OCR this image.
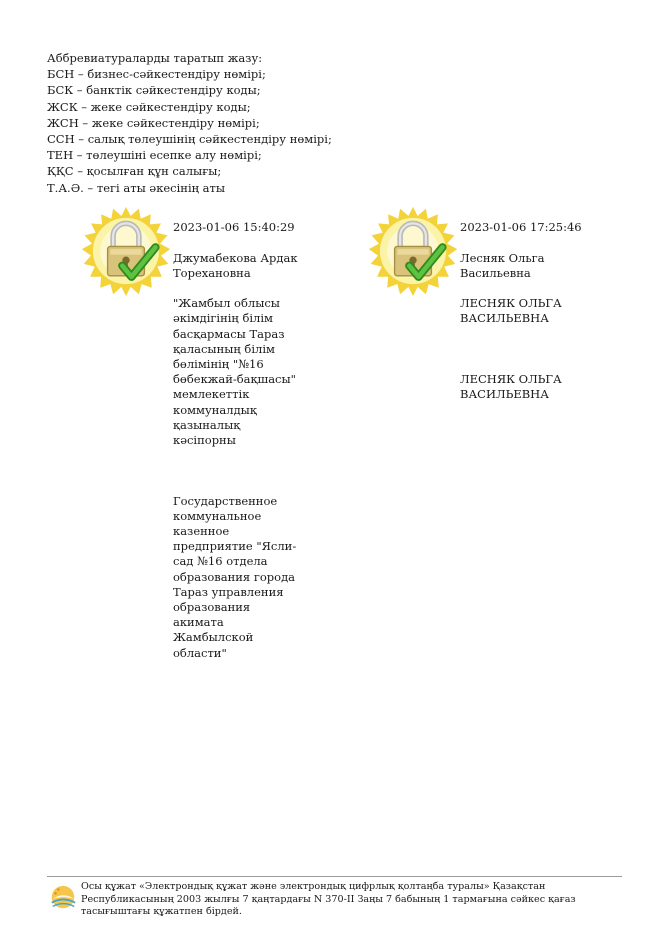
Аббревиатураларды таратып жазу:
БСН – бизнес-сәйкестендіру нөмірі;
БСК – банктік сәйкестендіру коды;
ЖСК – жеке сәйкестендіру коды;
ЖСН – жеке сәйкестендіру нөмірі;
ССН – салық төлеушінің сәйкестендіру нөмірі;
ТЕН – төлеушіні есепке алу нөмірі;
ҚҚС – қосылған құн салығы;
Т.А.Ә. – тегі аты әкесінің аты

2023-01-06 15:40:29

Джумабекова Ардак
Торехановна

"Жамбыл облысы
әкімдігінің білім
басқармасы Тараз
қаласының білім
бөлімінің "№16
бөбекжай-бақшасы"
мемлекеттік
коммуналдық
қазыналық кәсіпорны

Государственное
коммунальное
казенное
предприятие "Ясли-
сад №16 отдела
образования города
Тараз управления
образования акимата
Жамбылской
области"

2023-01-06 17:25:46

Лесняк Ольга
Васильевна

ЛЕСНЯК ОЛЬГА
ВАСИЛЬЕВНА

ЛЕСНЯК ОЛЬГА
ВАСИЛЬЕВНА

Осы құжат «Электрондық құжат және электрондық цифрлық қолтаңба туралы» Қазақстан Республикасының 2003 жылғы 7 қаңтардағы N 370-II Заңы 7 бабының 1 тармағына сәйкес қағаз тасығыштағы құжатпен бірдей.
